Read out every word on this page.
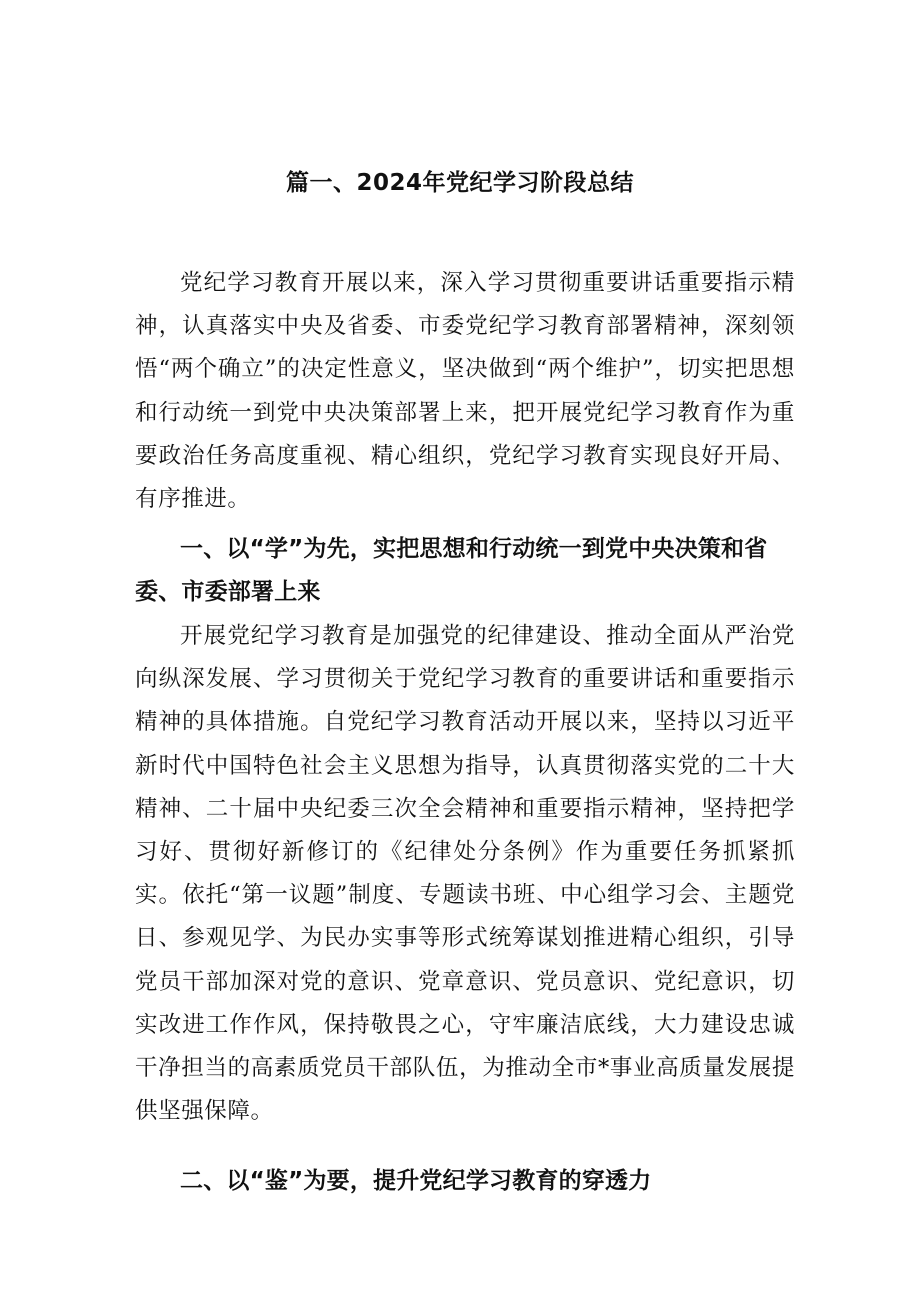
篇一、2024年党纪学习阶段总结

党纪学习教育开展以来，深入学习贯彻重要讲话重要指示精神，认真落实中央及省委、市委党纪学习教育部署精神，深刻领悟“两个确立”的决定性意义，坚决做到“两个维护”，切实把思想和行动统一到党中央决策部署上来，把开展党纪学习教育作为重要政治任务高度重视、精心组织，党纪学习教育实现良好开局、有序推进。

一、以“学”为先，实把思想和行动统一到党中央决策和省委、市委部署上来

开展党纪学习教育是加强党的纪律建设、推动全面从严治党向纵深发展、学习贯彻关于党纪学习教育的重要讲话和重要指示精神的具体措施。自党纪学习教育活动开展以来，坚持以习近平新时代中国特色社会主义思想为指导，认真贯彻落实党的二十大精神、二十届中央纪委三次全会精神和重要指示精神，坚持把学习好、贯彻好新修订的《纪律处分条例》作为重要任务抓紧抓实。依托“第一议题”制度、专题读书班、中心组学习会、主题党日、参观见学、为民办实事等形式统筹谋划推进精心组织，引导党员干部加深对党的意识、党章意识、党员意识、党纪意识，切实改进工作作风，保持敬畏之心，守牢廉洁底线，大力建设忠诚干净担当的高素质党员干部队伍，为推动全市*事业高质量发展提供坚强保障。

二、以“鉴”为要，提升党纪学习教育的穿透力
